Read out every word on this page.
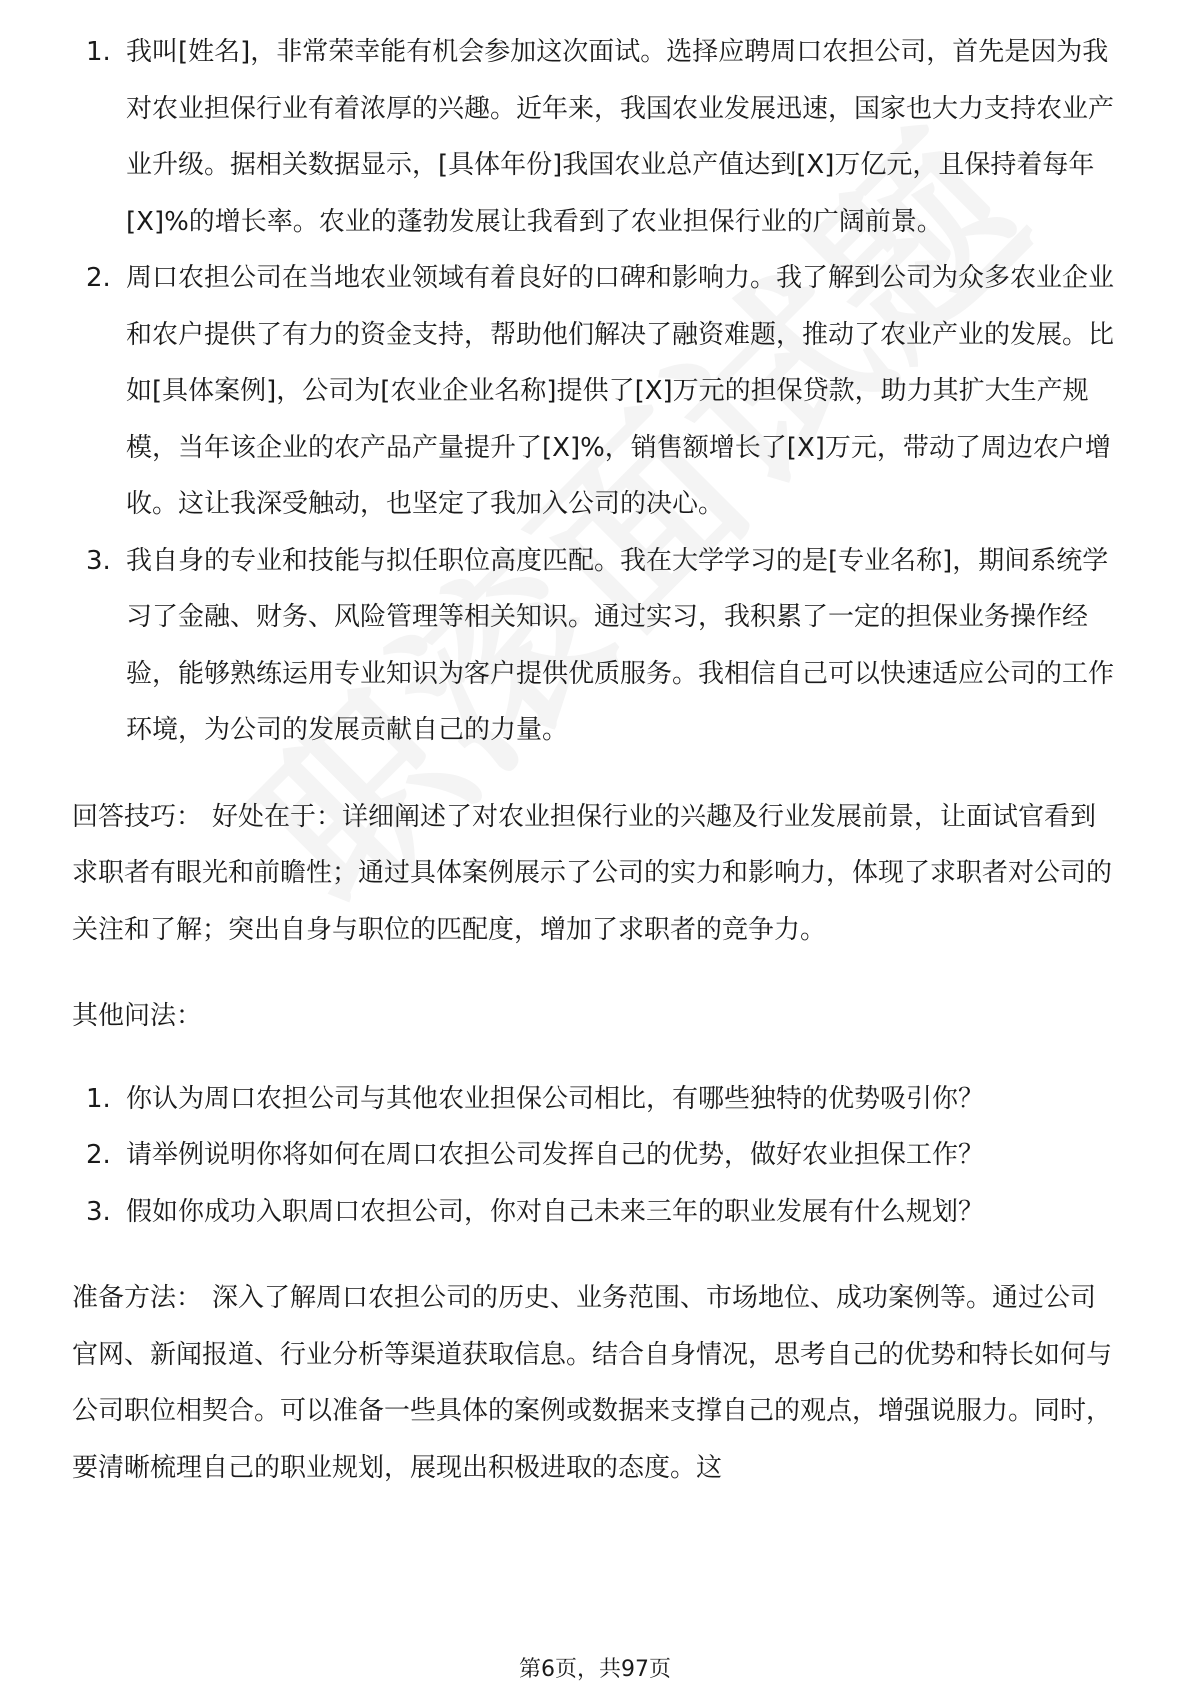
1. 我叫[姓名]，非常荣幸能有机会参加这次面试。选择应聘周口农担公司，首先是因为我对农业担保行业有着浓厚的兴趣。近年来，我国农业发展迅速，国家也大力支持农业产业升级。据相关数据显示，[具体年份]我国农业总产值达到[X]万亿元，且保持着每年[X]%的增长率。农业的蓬勃发展让我看到了农业担保行业的广阔前景。
2. 周口农担公司在当地农业领域有着良好的口碑和影响力。我了解到公司为众多农业企业和农户提供了有力的资金支持，帮助他们解决了融资难题，推动了农业产业的发展。比如[具体案例]，公司为[农业企业名称]提供了[X]万元的担保贷款，助力其扩大生产规模，当年该企业的农产品产量提升了[X]%，销售额增长了[X]万元，带动了周边农户增收。这让我深受触动，也坚定了我加入公司的决心。
3. 我自身的专业和技能与拟任职位高度匹配。我在大学学习的是[专业名称]，期间系统学习了金融、财务、风险管理等相关知识。通过实习，我积累了一定的担保业务操作经验，能够熟练运用专业知识为客户提供优质服务。我相信自己可以快速适应公司的工作环境，为公司的发展贡献自己的力量。

回答技巧： 好处在于：详细阐述了对农业担保行业的兴趣及行业发展前景，让面试官看到求职者有眼光和前瞻性；通过具体案例展示了公司的实力和影响力，体现了求职者对公司的关注和了解；突出自身与职位的匹配度，增加了求职者的竞争力。

其他问法：

1. 你认为周口农担公司与其他农业担保公司相比，有哪些独特的优势吸引你？
2. 请举例说明你将如何在周口农担公司发挥自己的优势，做好农业担保工作？
3. 假如你成功入职周口农担公司，你对自己未来三年的职业发展有什么规划？

准备方法： 深入了解周口农担公司的历史、业务范围、市场地位、成功案例等。通过公司官网、新闻报道、行业分析等渠道获取信息。结合自身情况，思考自己的优势和特长如何与公司职位相契合。可以准备一些具体的案例或数据来支撑自己的观点，增强说服力。同时，要清晰梳理自己的职业规划，展现出积极进取的态度。这

第6页，共97页
